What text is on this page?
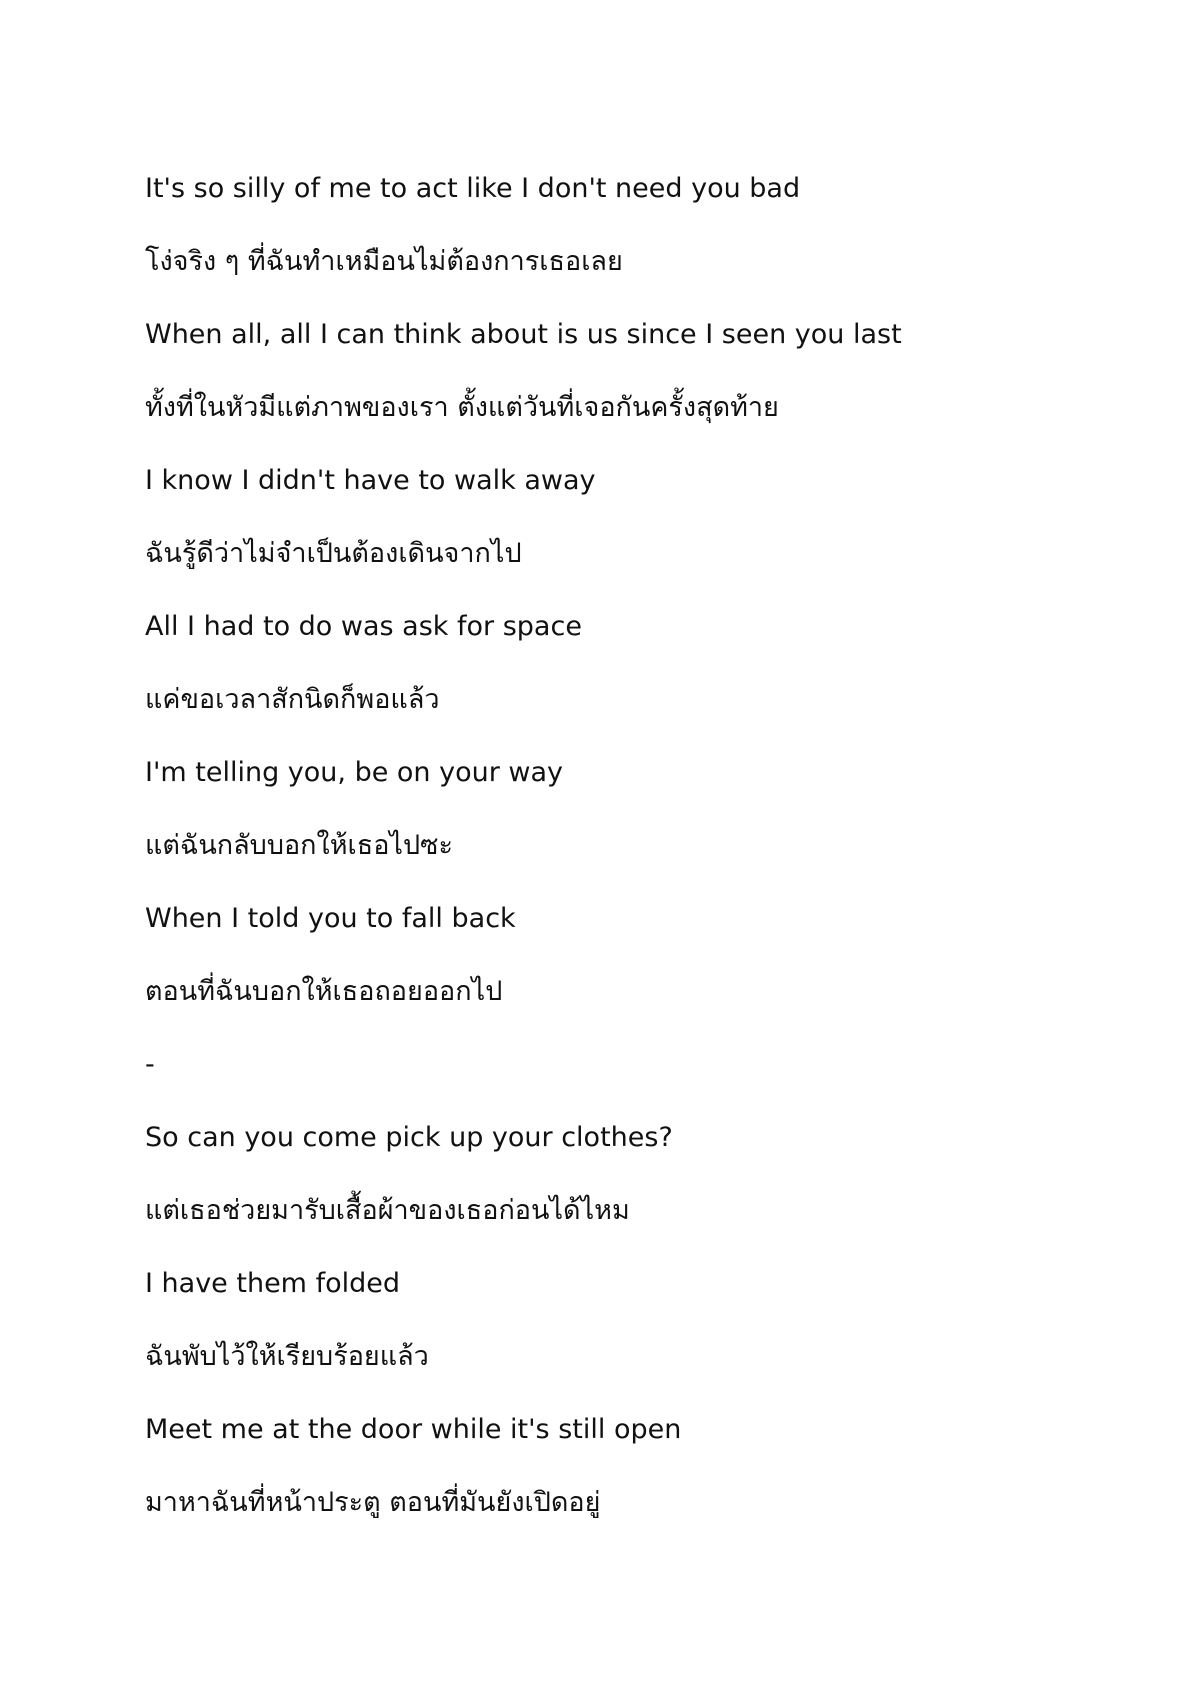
It's so silly of me to act like I don't need you bad
โง่จริง ๆ ที่ฉันทำเหมือนไม่ต้องการเธอเลย
When all, all I can think about is us since I seen you last
ทั้งที่ในหัวมีแต่ภาพของเรา ตั้งแต่วันที่เจอกันครั้งสุดท้าย
I know I didn't have to walk away
ฉันรู้ดีว่าไม่จำเป็นต้องเดินจากไป
All I had to do was ask for space
แค่ขอเวลาสักนิดก็พอแล้ว
I'm telling you, be on your way
แต่ฉันกลับบอกให้เธอไปซะ
When I told you to fall back
ตอนที่ฉันบอกให้เธอถอยออกไป
-
So can you come pick up your clothes?
แต่เธอช่วยมารับเสื้อผ้าของเธอก่อนได้ไหม
I have them folded
ฉันพับไว้ให้เรียบร้อยแล้ว
Meet me at the door while it's still open
มาหาฉันที่หน้าประตู ตอนที่มันยังเปิดอยู่
